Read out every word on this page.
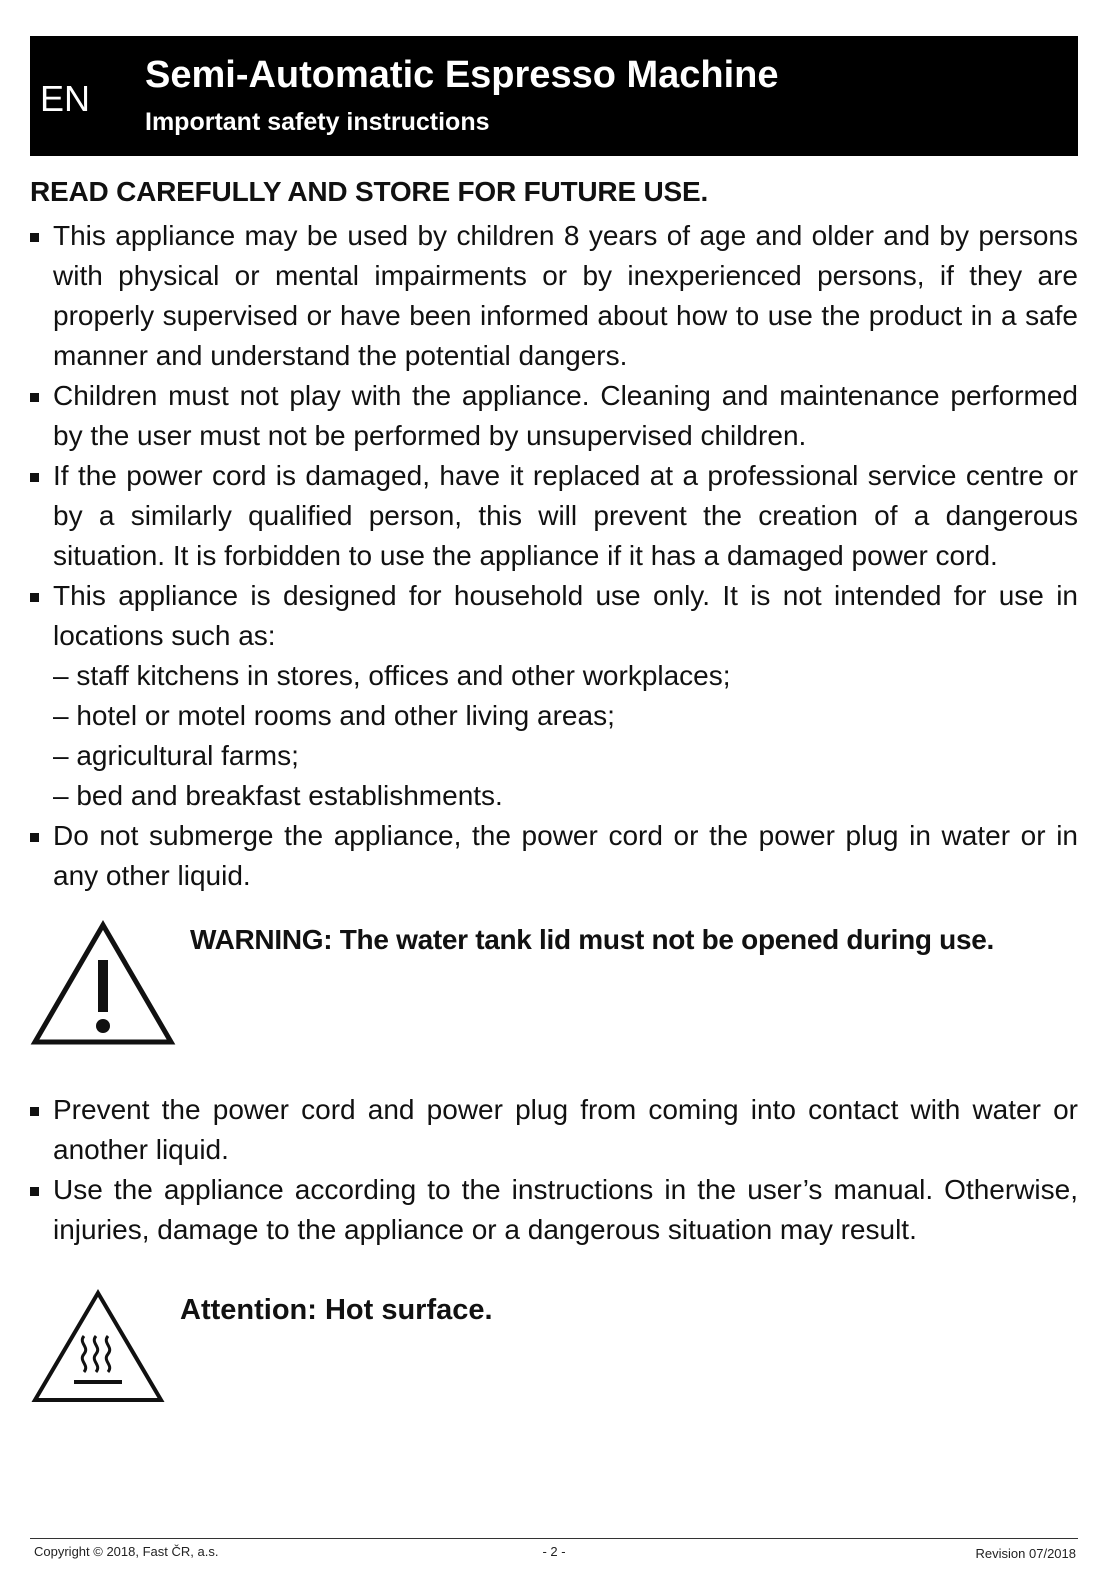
EN
Semi-Automatic Espresso Machine
Important safety instructions
READ CAREFULLY AND STORE FOR FUTURE USE.
This appliance may be used by children 8 years of age and older and by persons with physical or mental impairments or by inexperienced persons, if they are properly supervised or have been informed about how to use the product in a safe manner and understand the potential dangers.
Children must not play with the appliance. Cleaning and maintenance performed by the user must not be performed by unsupervised children.
If the power cord is damaged, have it replaced at a professional service centre or by a similarly qualified person, this will prevent the creation of a dangerous situation. It is forbidden to use the appliance if it has a damaged power cord.
This appliance is designed for household use only. It is not intended for use in locations such as:
– staff kitchens in stores, offices and other workplaces;
– hotel or motel rooms and other living areas;
– agricultural farms;
– bed and breakfast establishments.
Do not submerge the appliance, the power cord or the power plug in water or in any other liquid.
WARNING: The water tank lid must not be opened during use.
Prevent the power cord and power plug from coming into contact with water or another liquid.
Use the appliance according to the instructions in the user’s manual. Otherwise, injuries, damage to the appliance or a dangerous situation may result.
Attention: Hot surface.
Copyright © 2018, Fast ČR, a.s.	- 2 -	Revision 07/2018
